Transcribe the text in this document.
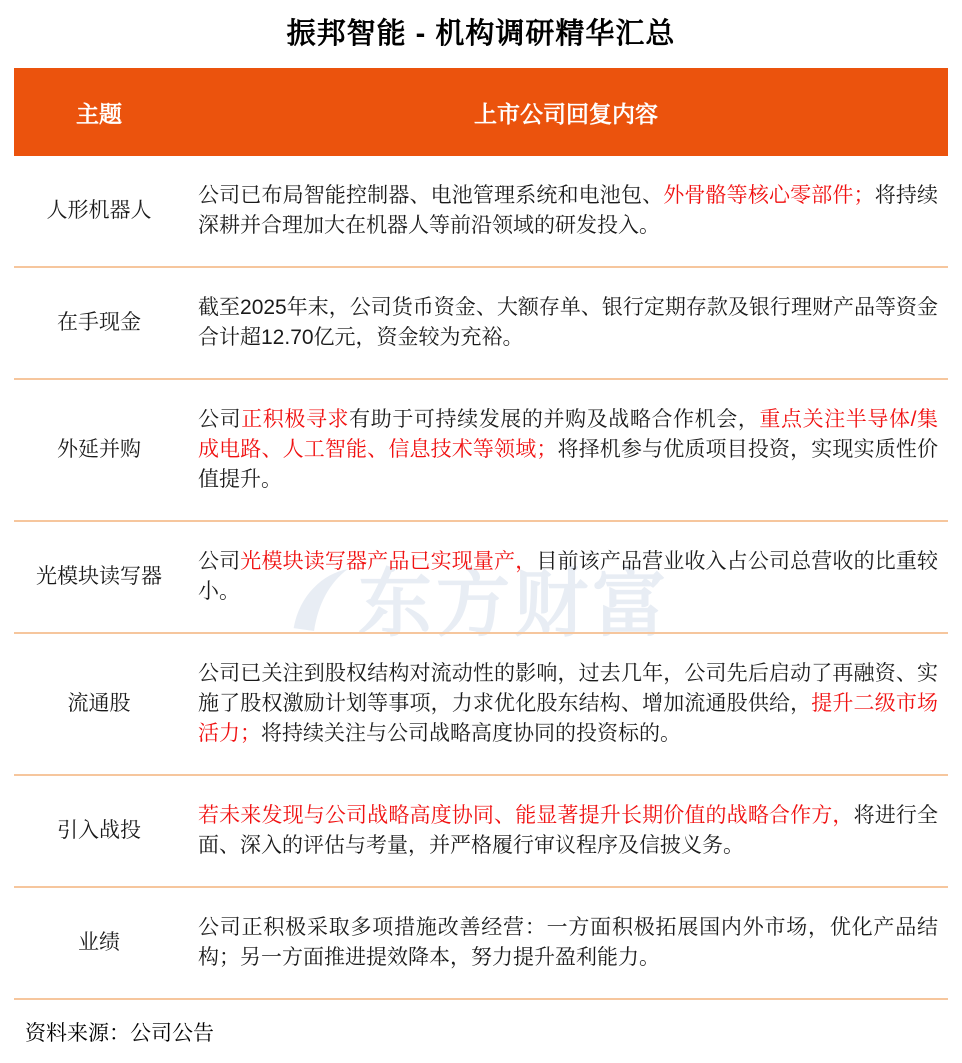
东方财富
振邦智能 - 机构调研精华汇总
主题	上市公司回复内容
人形机器人

公司已布局智能控制器、电池管理系统和电池包、外骨骼等核心零部件；将持续深耕并合理加大在机器人等前沿领域的研发投入。

在手现金

截至2025年末，公司货币资金、大额存单、银行定期存款及银行理财产品等资金合计超12.70亿元，资金较为充裕。

外延并购

公司正积极寻求有助于可持续发展的并购及战略合作机会，重点关注半导体/集成电路、人工智能、信息技术等领域；将择机参与优质项目投资，实现实质性价值提升。

光模块读写器

公司光模块读写器产品已实现量产，目前该产品营业收入占公司总营收的比重较小。

流通股

公司已关注到股权结构对流动性的影响，过去几年，公司先后启动了再融资、实施了股权激励计划等事项，力求优化股东结构、增加流通股供给，提升二级市场活力；将持续关注与公司战略高度协同的投资标的。

引入战投

若未来发现与公司战略高度协同、能显著提升长期价值的战略合作方，将进行全面、深入的评估与考量，并严格履行审议程序及信披义务。

业绩

公司正积极采取多项措施改善经营：一方面积极拓展国内外市场，优化产品结构；另一方面推进提效降本，努力提升盈利能力。

资料来源：公司公告
